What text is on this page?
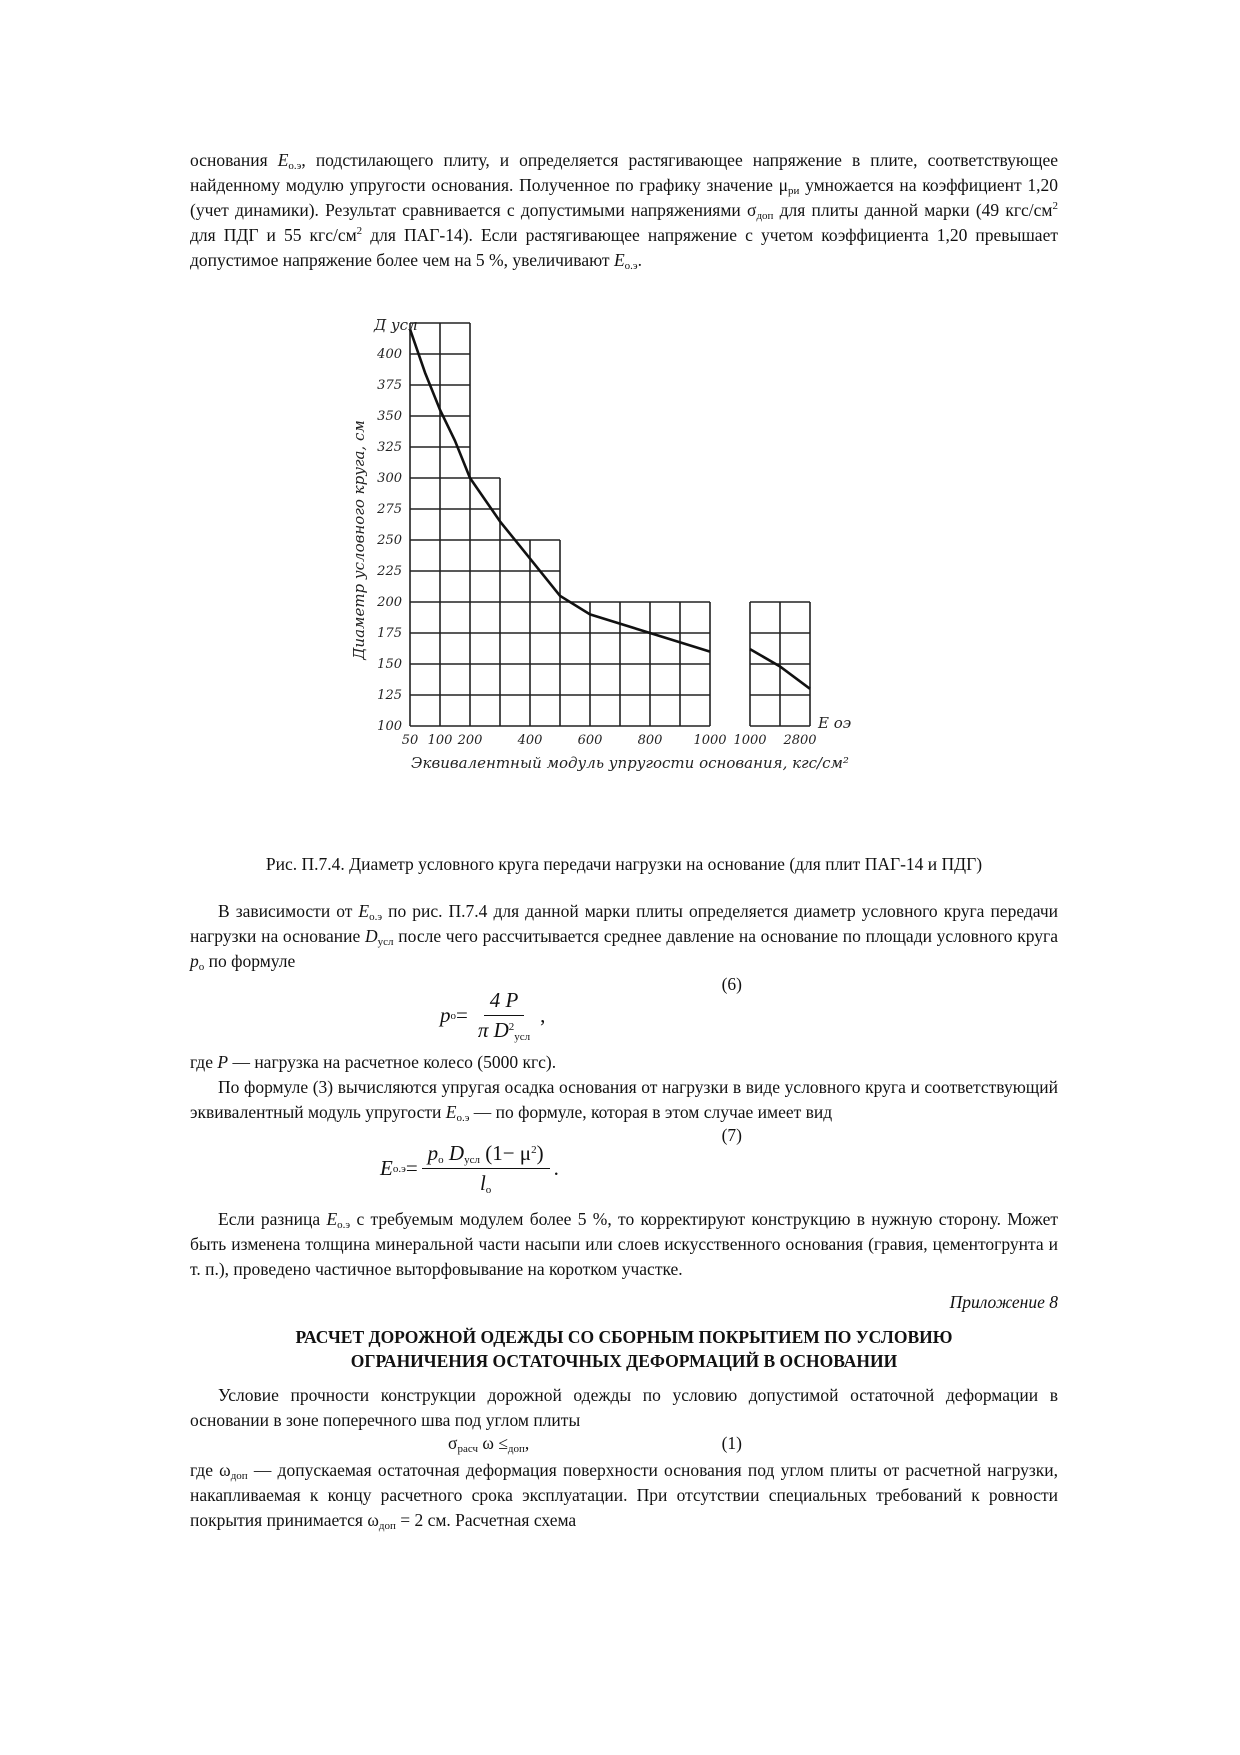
основания $E_{о.э}$, подстилающего плиту, и определяется растягивающее напряжение в плите, соответствующее найденному модулю упругости основания. Полученное по графику значение $\mu_{ри}$ умножается на коэффициент 1,20 (учет динамики). Результат сравнивается с допустимыми напряжениями $\sigma_{доп}$ для плиты данной марки (49 кгс/$см^2$ для ПДГ и 55 кгс/$см^2$ для ПАГ-14). Если растягивающее напряжение с учетом коэффициента 1,20 превышает допустимое напряжение более чем на 5 %, увеличивают $E_{о.э}$.

100
125
150
175
200
225
250
275
300
325
350
375
400
50 100 200	400	600	800 1000 1000 2800
Д усл
Е оэ
Диаметр условного круга, см
Эквивалентный модуль упругости основания, кгс/см²
Рис. П.7.4. Диаметр условного круга передачи нагрузки на основание (для плит ПАГ-14 и ПДГ)

В зависимости от $E_{о.э}$ по рис. П.7.4 для данной марки плиты определяется диаметр условного круга передачи нагрузки на основание $D_{усл}$ после чего рассчитывается среднее давление на основание по площади условного круга $p_о$ по формуле

(6)
p $o = \frac{4 P}{\pi D^2_{усл}}$ ,

где P — нагрузка на расчетное колесо (5000 кгс).

По формуле (3) вычисляются упругая осадка основания от нагрузки в виде условного круга и соответствующий эквивалентный модуль упругости $E_{о.э}$ — по формуле, которая в этом случае имеет вид

(7)
E $о.э = \frac{p_o D_{усл} (1- \mu^2)}{l_o}$ .

Если разница $E_{о.э}$ с требуемым модулем более 5 %, то корректируют конструкцию в нужную сторону. Может быть изменена толщина минеральной части насыпи или слоев искусственного основания (гравия, цементогрунта и т. п.), проведено частичное выторфовывание на коротком участке.

Приложение 8
РАСЧЕТ ДОРОЖНОЙ ОДЕЖДЫ СО СБОРНЫМ ПОКРЫТИЕМ ПО УСЛОВИЮ
ОГРАНИЧЕНИЯ ОСТАТОЧНЫХ ДЕФОРМАЦИЙ В ОСНОВАНИИ

Условие прочности конструкции дорожной одежды по условию допустимой остаточной деформации в основании в зоне поперечного шва под углом плиты

$\sigma_{расч}$ $\omega \le_{доп}$,	(1)

где $\omega_{доп}$ — допускаемая остаточная деформация поверхности основания под углом плиты от расчетной нагрузки, накапливаемая к концу расчетного срока эксплуатации. При отсутствии специальных требований к ровности покрытия принимается $\omega_{доп} = 2$ см. Расчетная схема
